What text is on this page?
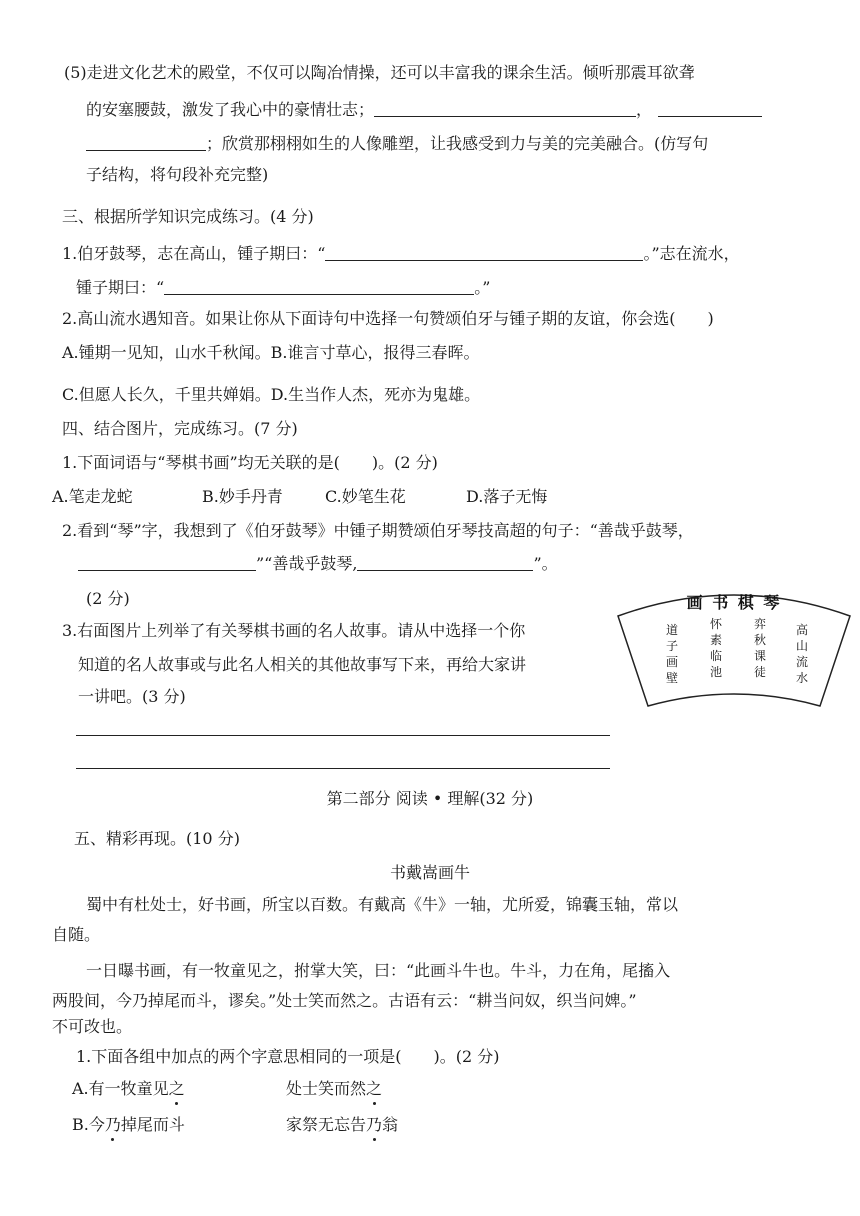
(5)走进文化艺术的殿堂，不仅可以陶冶情操，还可以丰富我的课余生活。倾听那震耳欲聋
的安塞腰鼓，激发了我心中的豪情壮志；	，
；欣赏那栩栩如生的人像雕塑，让我感受到力与美的完美融合。(仿写句
子结构，将句段补充完整)
三、根据所学知识完成练习。(4 分)
1.伯牙鼓琴，志在高山，锺子期曰：“	。”志在流水，
锺子期曰：“	。”
2.高山流水遇知音。如果让你从下面诗句中选择一句赞颂伯牙与锺子期的友谊，你会选(　　)
A.锺期一见知，山水千秋闻。B.谁言寸草心，报得三春晖。
C.但愿人长久，千里共婵娟。D.生当作人杰，死亦为鬼雄。
四、结合图片，完成练习。(7 分)
1.下面词语与“琴棋书画”均无关联的是(　　)。(2 分)
A.笔走龙蛇	B.妙手丹青	C.妙笔生花	D.落子无悔
2.看到“琴”字，我想到了《伯牙鼓琴》中锺子期赞颂伯牙琴技高超的句子：“善哉乎鼓琴，
”“善哉乎鼓琴,	”。
(2 分)
3.右面图片上列举了有关琴棋书画的名人故事。请从中选择一个你
知道的名人故事或与此名人相关的其他故事写下来，再给大家讲
一讲吧。(3 分)
画 书 棋 琴
道
子
画
壁
怀
素
临
池
弈
秋
课
徒
高
山
流
水
第二部分 阅读 • 理解(32 分)
五、精彩再现。(10 分)
书戴嵩画牛
蜀中有杜处士，好书画，所宝以百数。有戴高《牛》一轴，尤所爱，锦囊玉轴，常以
自随。
一日曝书画，有一牧童见之，拊掌大笑，曰：“此画斗牛也。牛斗，力在角，尾搐入
两股间，今乃掉尾而斗，谬矣。”处士笑而然之。古语有云：“耕当问奴，织当问婢。”
不可改也。
1.下面各组中加点的两个字意思相同的一项是(　　)。(2 分)
A.有一牧童见之	处士笑而然之
B.今乃掉尾而斗	家祭无忘告乃翁
